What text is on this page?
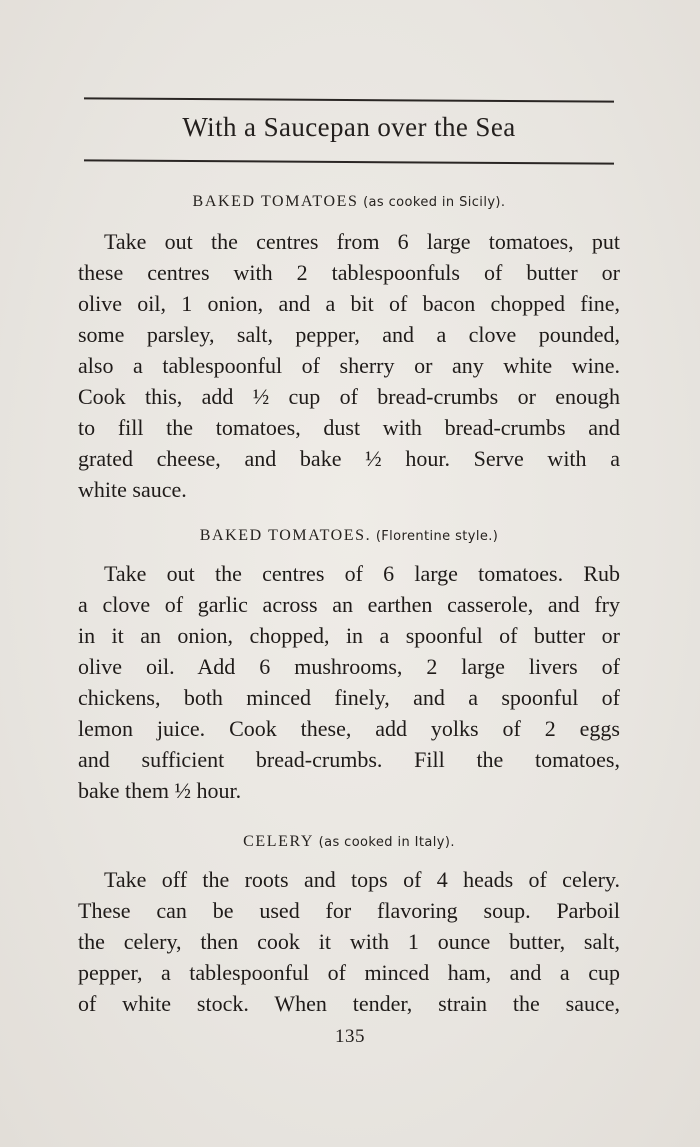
With a Saucepan over the Sea
BAKED TOMATOES (as cooked in Sicily).
Take out the centres from 6 large tomatoes, put
these centres with 2 tablespoonfuls of butter or
olive oil, 1 onion, and a bit of bacon chopped fine,
some parsley, salt, pepper, and a clove pounded,
also a tablespoonful of sherry or any white wine.
Cook this, add ½ cup of bread-crumbs or enough
to fill the tomatoes, dust with bread-crumbs and
grated cheese, and bake ½ hour. Serve with a
white sauce.
BAKED TOMATOES. (Florentine style.)
Take out the centres of 6 large tomatoes. Rub
a clove of garlic across an earthen casserole, and fry
in it an onion, chopped, in a spoonful of butter or
olive oil. Add 6 mushrooms, 2 large livers of
chickens, both minced finely, and a spoonful of
lemon juice. Cook these, add yolks of 2 eggs
and sufficient bread-crumbs. Fill the tomatoes,
bake them ½ hour.
CELERY (as cooked in Italy).
Take off the roots and tops of 4 heads of celery.
These can be used for flavoring soup. Parboil
the celery, then cook it with 1 ounce butter, salt,
pepper, a tablespoonful of minced ham, and a cup
of white stock. When tender, strain the sauce,
135
